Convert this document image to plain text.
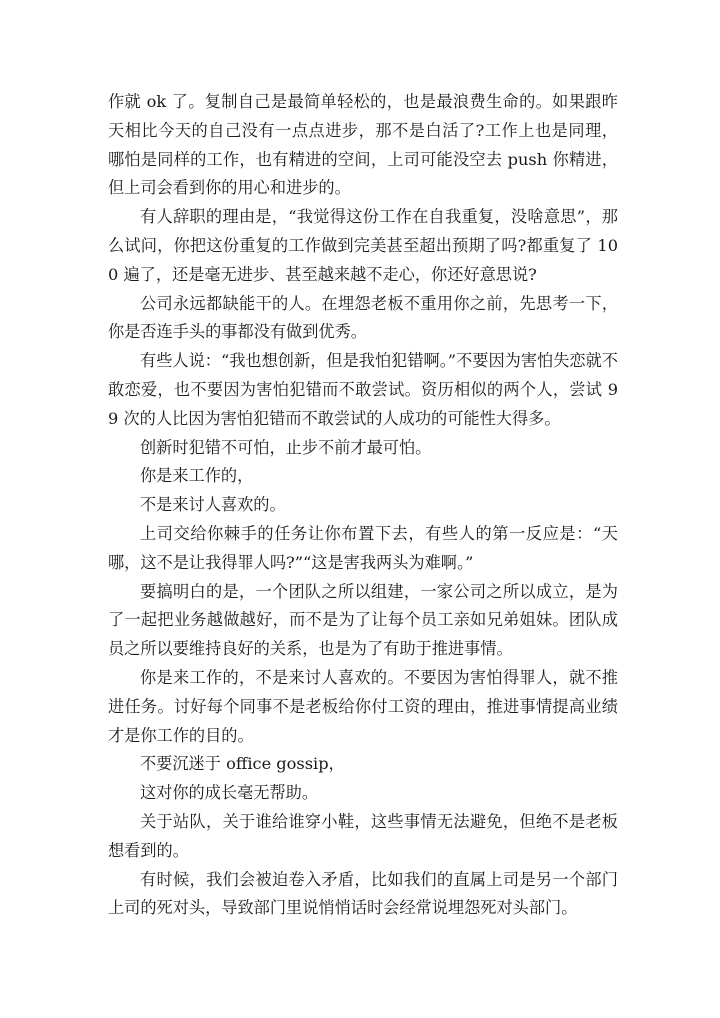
作就 ok 了。复制自己是最简单轻松的，也是最浪费生命的。如果跟昨天相比今天的自己没有一点点进步，那不是白活了?工作上也是同理，哪怕是同样的工作，也有精进的空间，上司可能没空去 push 你精进，但上司会看到你的用心和进步的。

有人辞职的理由是，“我觉得这份工作在自我重复，没啥意思”，那么试问，你把这份重复的工作做到完美甚至超出预期了吗?都重复了 100 遍了，还是毫无进步、甚至越来越不走心，你还好意思说?

公司永远都缺能干的人。在埋怨老板不重用你之前，先思考一下，你是否连手头的事都没有做到优秀。

有些人说：“我也想创新，但是我怕犯错啊。”不要因为害怕失恋就不敢恋爱，也不要因为害怕犯错而不敢尝试。资历相似的两个人，尝试 99 次的人比因为害怕犯错而不敢尝试的人成功的可能性大得多。

创新时犯错不可怕，止步不前才最可怕。

你是来工作的，

不是来讨人喜欢的。

上司交给你棘手的任务让你布置下去，有些人的第一反应是：“天哪，这不是让我得罪人吗?”“这是害我两头为难啊。”

要搞明白的是，一个团队之所以组建，一家公司之所以成立，是为了一起把业务越做越好，而不是为了让每个员工亲如兄弟姐妹。团队成员之所以要维持良好的关系，也是为了有助于推进事情。

你是来工作的，不是来讨人喜欢的。不要因为害怕得罪人，就不推进任务。讨好每个同事不是老板给你付工资的理由，推进事情提高业绩才是你工作的目的。

不要沉迷于 office gossip，

这对你的成长毫无帮助。

关于站队，关于谁给谁穿小鞋，这些事情无法避免，但绝不是老板想看到的。

有时候，我们会被迫卷入矛盾，比如我们的直属上司是另一个部门上司的死对头，导致部门里说悄悄话时会经常说埋怨死对头部门。
